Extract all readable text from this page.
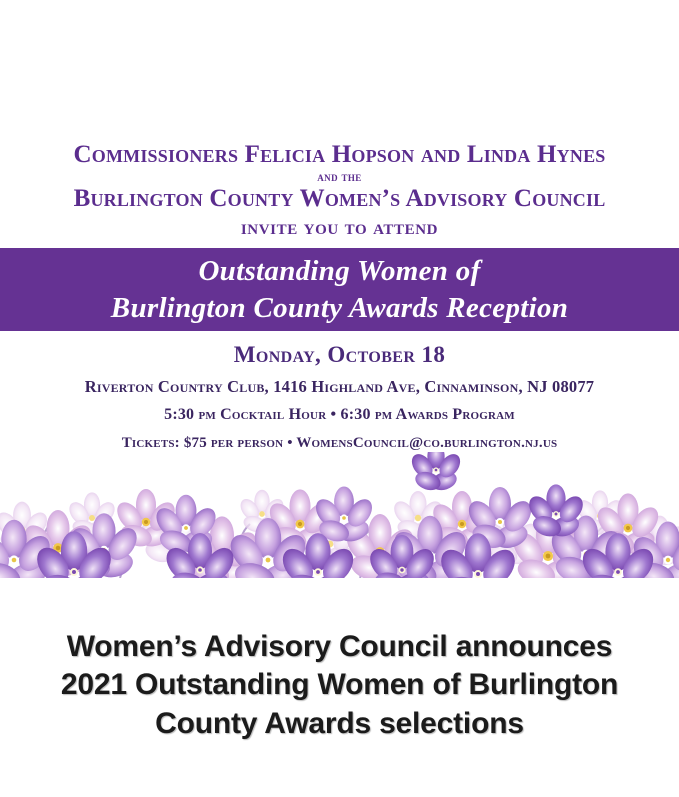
Commissioners Felicia Hopson and Linda Hynes
and the
Burlington County Women’s Advisory Council
invite you to attend
Outstanding Women of
Burlington County Awards Reception
Monday, October 18
Riverton Country Club, 1416 Highland Ave, Cinnaminson, NJ 08077
5:30 pm Cocktail Hour • 6:30 pm Awards Program
Tickets: $75 per person • WomensCouncil@co.burlington.nj.us
Women’s Advisory Council announces
2021 Outstanding Women of Burlington
County Awards selections
